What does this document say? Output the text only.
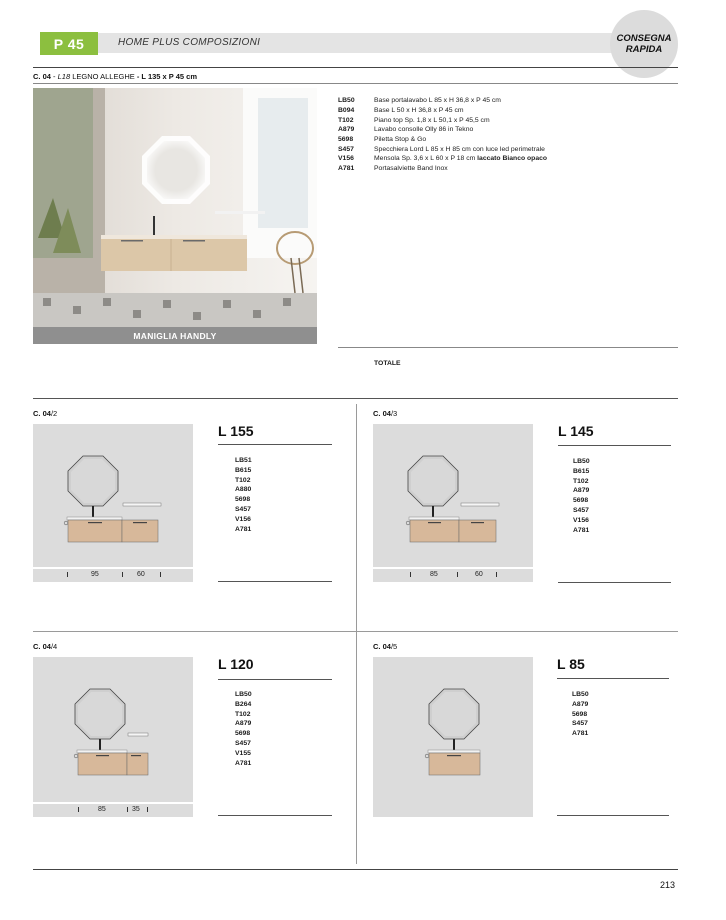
P 45	HOME PLUS COMPOSIZIONI	CONSEGNA
RAPIDA
C. 04 - L18 LEGNO ALLEGHE - L 135 x P 45 cm
MANIGLIA HANDLY
LB50	Base portalavabo L 85 x H 36,8 x P 45 cm
B094	Base L 50 x H 36,8 x P 45 cm
T102	Piano top Sp. 1,8 x L 50,1 x P 45,5 cm
A879	Lavabo consolle Olly 86 in Tekno
5698	Piletta Stop & Go
S457	Specchiera Lord L 85 x H 85 cm con luce led perimetrale
V156	Mensola Sp. 3,6 x L 60 x P 18 cm laccato Bianco opaco
A781	Portasalviette Band Inox
TOTALE
C. 04/2
95	60
L 155
LB51
B615
T102
A880
5698
S457
V156
A781
C. 04/3
85	60
L 145
LB50
B615
T102
A879
5698
S457
V156
A781
C. 04/4
85	35
L 120
LB50
B264
T102
A879
5698
S457
V155
A781
C. 04/5
L 85
LB50
A879
5698
S457
A781
213
